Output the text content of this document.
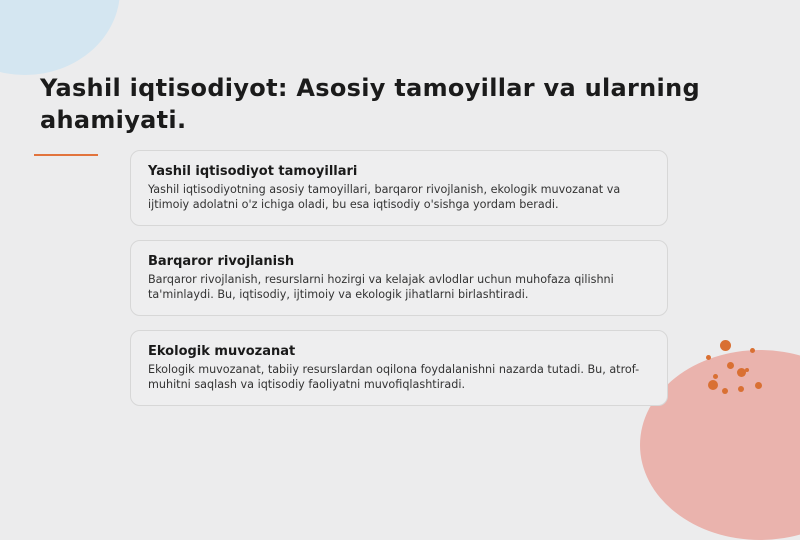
Yashil iqtisodiyot: Asosiy tamoyillar va ularning ahamiyati.
Yashil iqtisodiyot tamoyillari

Yashil iqtisodiyotning asosiy tamoyillari, barqaror rivojlanish, ekologik muvozanat va ijtimoiy adolatni o'z ichiga oladi, bu esa iqtisodiy o'sishga yordam beradi.

Barqaror rivojlanish

Barqaror rivojlanish, resurslarni hozirgi va kelajak avlodlar uchun muhofaza qilishni ta'minlaydi. Bu, iqtisodiy, ijtimoiy va ekologik jihatlarni birlashtiradi.

Ekologik muvozanat

Ekologik muvozanat, tabiiy resurslardan oqilona foydalanishni nazarda tutadi. Bu, atrof-muhitni saqlash va iqtisodiy faoliyatni muvofiqlashtiradi.
